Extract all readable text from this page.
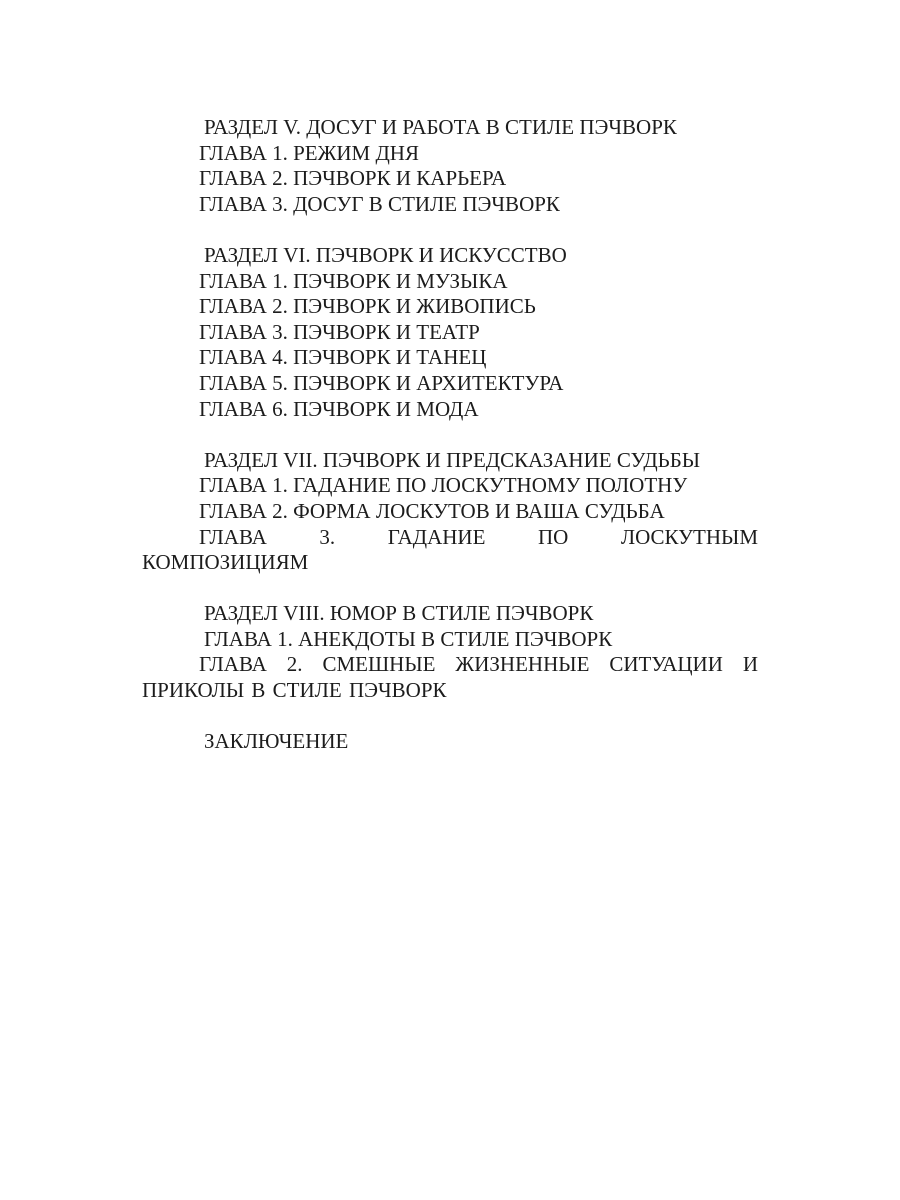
РАЗДЕЛ V. ДОСУГ И РАБОТА В СТИЛЕ ПЭЧВОРК
ГЛАВА 1. РЕЖИМ ДНЯ
ГЛАВА 2. ПЭЧВОРК И КАРЬЕРА
ГЛАВА 3. ДОСУГ В СТИЛЕ ПЭЧВОРК
РАЗДЕЛ VI. ПЭЧВОРК И ИСКУССТВО
ГЛАВА 1. ПЭЧВОРК И МУЗЫКА
ГЛАВА 2. ПЭЧВОРК И ЖИВОПИСЬ
ГЛАВА 3. ПЭЧВОРК И ТЕАТР
ГЛАВА 4. ПЭЧВОРК И ТАНЕЦ
ГЛАВА 5. ПЭЧВОРК И АРХИТЕКТУРА
ГЛАВА 6. ПЭЧВОРК И МОДА
РАЗДЕЛ VII. ПЭЧВОРК И ПРЕДСКАЗАНИЕ СУДЬБЫ
ГЛАВА 1. ГАДАНИЕ ПО ЛОСКУТНОМУ ПОЛОТНУ
ГЛАВА 2. ФОРМА ЛОСКУТОВ И ВАША СУДЬБА
ГЛАВА 3. ГАДАНИЕ ПО ЛОСКУТНЫМ КОМПОЗИЦИЯМ
РАЗДЕЛ VIII. ЮМОР В СТИЛЕ ПЭЧВОРК
ГЛАВА 1. АНЕКДОТЫ В СТИЛЕ ПЭЧВОРК
ГЛАВА 2. СМЕШНЫЕ ЖИЗНЕННЫЕ СИТУАЦИИ И ПРИКОЛЫ В СТИЛЕ ПЭЧВОРК
ЗАКЛЮЧЕНИЕ
